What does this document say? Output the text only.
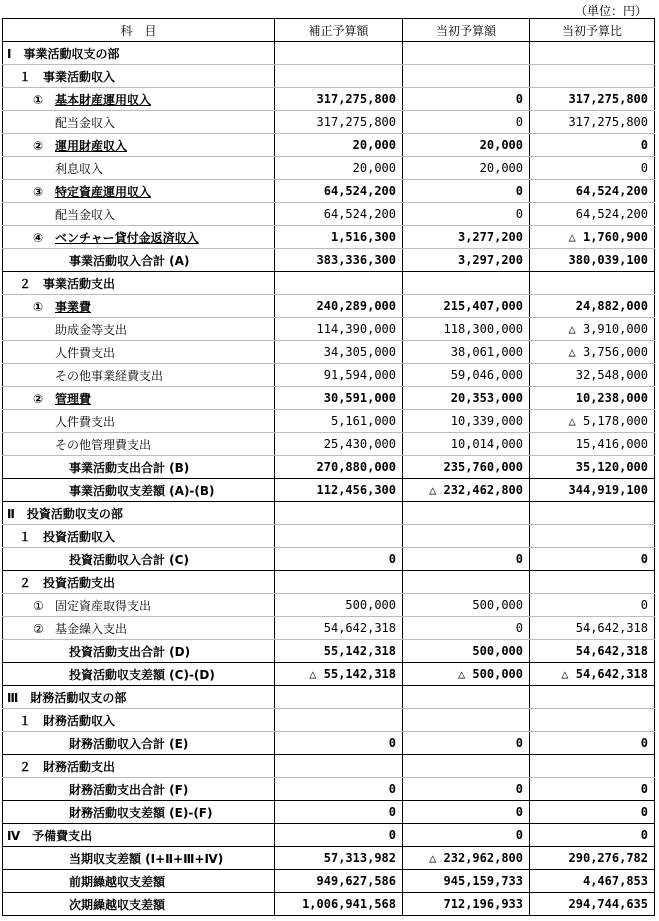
（単位：円）
科　目	補正予算額	当初予算額	当初予算比
Ⅰ　事業活動収支の部			
１　事業活動収入			
① 基本財産運用収入	317,275,800	0	317,275,800
配当金収入	317,275,800	0	317,275,800
② 運用財産収入	20,000	20,000	0
利息収入	20,000	20,000	0
③ 特定資産運用収入	64,524,200	0	64,524,200
配当金収入	64,524,200	0	64,524,200
④ ベンチャー貸付金返済収入	1,516,300	3,277,200	△ 1,760,900
事業活動収入合計 (A)	383,336,300	3,297,200	380,039,100
２　事業活動支出			
① 事業費	240,289,000	215,407,000	24,882,000
助成金等支出	114,390,000	118,300,000	△ 3,910,000
人件費支出	34,305,000	38,061,000	△ 3,756,000
その他事業経費支出	91,594,000	59,046,000	32,548,000
② 管理費	30,591,000	20,353,000	10,238,000
人件費支出	5,161,000	10,339,000	△ 5,178,000
その他管理費支出	25,430,000	10,014,000	15,416,000
事業活動支出合計 (B)	270,880,000	235,760,000	35,120,000
事業活動収支差額 (A)-(B)	112,456,300	△ 232,462,800	344,919,100
Ⅱ　投資活動収支の部			
１　投資活動収入			
投資活動収入合計 (C)	0	0	0
２　投資活動支出			
① 固定資産取得支出	500,000	500,000	0
② 基金繰入支出	54,642,318	0	54,642,318
投資活動支出合計 (D)	55,142,318	500,000	54,642,318
投資活動収支差額 (C)-(D)	△ 55,142,318	△ 500,000	△ 54,642,318
Ⅲ　財務活動収支の部			
１　財務活動収入			
財務活動収入合計 (E)	0	0	0
２　財務活動支出			
財務活動支出合計 (F)	0	0	0
財務活動収支差額 (E)-(F)	0	0	0
Ⅳ　予備費支出	0	0	0
当期収支差額 (Ⅰ+Ⅱ+Ⅲ+Ⅳ)	57,313,982	△ 232,962,800	290,276,782
前期繰越収支差額	949,627,586	945,159,733	4,467,853
次期繰越収支差額	1,006,941,568	712,196,933	294,744,635
